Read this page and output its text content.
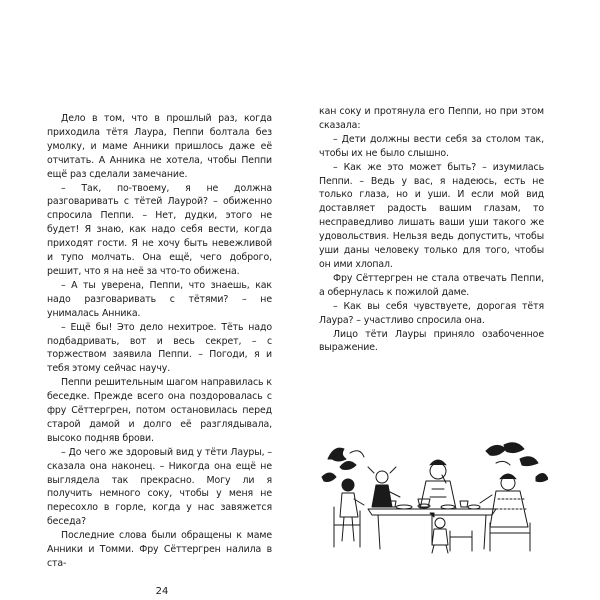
Дело в том, что в прошлый раз, когда приходила тётя Лаура, Пеппи болтала без умолку, и маме Анники пришлось даже её отчитать. А Анника не хотела, чтобы Пеппи ещё раз сделали замечание.

– Так, по-твоему, я не должна разговаривать с тётей Лаурой? – обиженно спросила Пеппи. – Нет, дудки, этого не будет! Я знаю, как надо себя вести, когда приходят гости. Я не хочу быть невежливой и тупо молчать. Она ещё, чего доброго, решит, что я на неё за что-то обижена.

– А ты уверена, Пеппи, что знаешь, как надо разговаривать с тётями? – не унималась Анника.

– Ещё бы! Это дело нехитрое. Тёть надо подбадривать, вот и весь секрет, – с торжеством заявила Пеппи. – Погоди, я и тебя этому сейчас научу.

Пеппи решительным шагом направилась к беседке. Прежде всего она поздоровалась с фру Сёттергрен, потом остановилась перед старой дамой и долго её разглядывала, высоко подняв брови.

– До чего же здоровый вид у тёти Лауры, – сказала она наконец. – Никогда она ещё не выглядела так прекрасно. Могу ли я получить немного соку, чтобы у меня не пересохло в горле, когда у нас завяжется беседа?

Последние слова были обращены к маме Анники и Томми. Фру Сёттергрен налила в ста-

24

кан соку и протянула его Пеппи, но при этом сказала:

– Дети должны вести себя за столом так, чтобы их не было слышно.

– Как же это может быть? – изумилась Пеппи. – Ведь у вас, я надеюсь, есть не только глаза, но и уши. И если мой вид доставляет радость вашим глазам, то несправедливо лишать ваши уши такого же удовольствия. Нельзя ведь допустить, чтобы уши даны человеку только для того, чтобы он ими хлопал.

Фру Сёттергрен не стала отвечать Пеппи, а обернулась к пожилой даме.

– Как вы себя чувствуете, дорогая тётя Лаура? – участливо спросила она.

Лицо тёти Лауры приняло озабоченное выражение.
